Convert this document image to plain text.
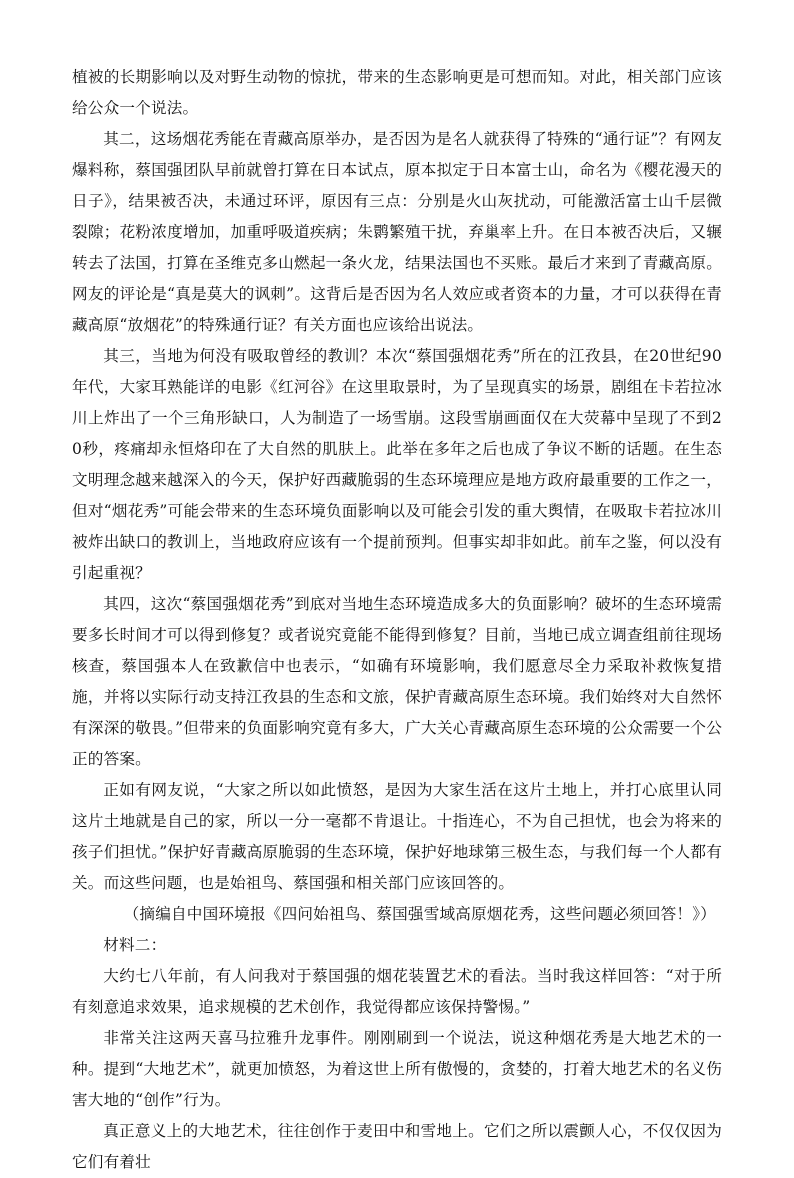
植被的长期影响以及对野生动物的惊扰，带来的生态影响更是可想而知。对此，相关部门应该给公众一个说法。

其二，这场烟花秀能在青藏高原举办，是否因为是名人就获得了特殊的“通行证”？有网友爆料称，蔡国强团队早前就曾打算在日本试点，原本拟定于日本富士山，命名为《樱花漫天的日子》，结果被否决，未通过环评，原因有三点：分别是火山灰扰动，可能激活富士山千层微裂隙；花粉浓度增加，加重呼吸道疾病；朱鹮繁殖干扰，弃巢率上升。在日本被否决后，又辗转去了法国，打算在圣维克多山燃起一条火龙，结果法国也不买账。最后才来到了青藏高原。网友的评论是“真是莫大的讽刺”。这背后是否因为名人效应或者资本的力量，才可以获得在青藏高原“放烟花”的特殊通行证？有关方面也应该给出说法。

其三，当地为何没有吸取曾经的教训？本次“蔡国强烟花秀”所在的江孜县，在20世纪90年代，大家耳熟能详的电影《红河谷》在这里取景时，为了呈现真实的场景，剧组在卡若拉冰川上炸出了一个三角形缺口，人为制造了一场雪崩。这段雪崩画面仅在大荧幕中呈现了不到20秒，疼痛却永恒烙印在了大自然的肌肤上。此举在多年之后也成了争议不断的话题。在生态文明理念越来越深入的今天，保护好西藏脆弱的生态环境理应是地方政府最重要的工作之一，但对“烟花秀”可能会带来的生态环境负面影响以及可能会引发的重大舆情，在吸取卡若拉冰川被炸出缺口的教训上，当地政府应该有一个提前预判。但事实却非如此。前车之鉴，何以没有引起重视？

其四，这次“蔡国强烟花秀”到底对当地生态环境造成多大的负面影响？破坏的生态环境需要多长时间才可以得到修复？或者说究竟能不能得到修复？目前，当地已成立调查组前往现场核查，蔡国强本人在致歉信中也表示，“如确有环境影响，我们愿意尽全力采取补救恢复措施，并将以实际行动支持江孜县的生态和文旅，保护青藏高原生态环境。我们始终对大自然怀有深深的敬畏。”但带来的负面影响究竟有多大，广大关心青藏高原生态环境的公众需要一个公正的答案。

正如有网友说，“大家之所以如此愤怒，是因为大家生活在这片土地上，并打心底里认同这片土地就是自己的家，所以一分一毫都不肯退让。十指连心，不为自己担忧，也会为将来的孩子们担忧。”保护好青藏高原脆弱的生态环境，保护好地球第三极生态，与我们每一个人都有关。而这些问题，也是始祖鸟、蔡国强和相关部门应该回答的。

（摘编自中国环境报《四问始祖鸟、蔡国强雪域高原烟花秀，这些问题必须回答！》）

材料二：

大约七八年前，有人问我对于蔡国强的烟花装置艺术的看法。当时我这样回答：“对于所有刻意追求效果，追求规模的艺术创作，我觉得都应该保持警惕。”

非常关注这两天喜马拉雅升龙事件。刚刚刷到一个说法，说这种烟花秀是大地艺术的一种。提到“大地艺术”，就更加愤怒，为着这世上所有傲慢的，贪婪的，打着大地艺术的名义伤害大地的“创作”行为。

真正意义上的大地艺术，往往创作于麦田中和雪地上。它们之所以震颤人心，不仅仅因为它们有着壮
